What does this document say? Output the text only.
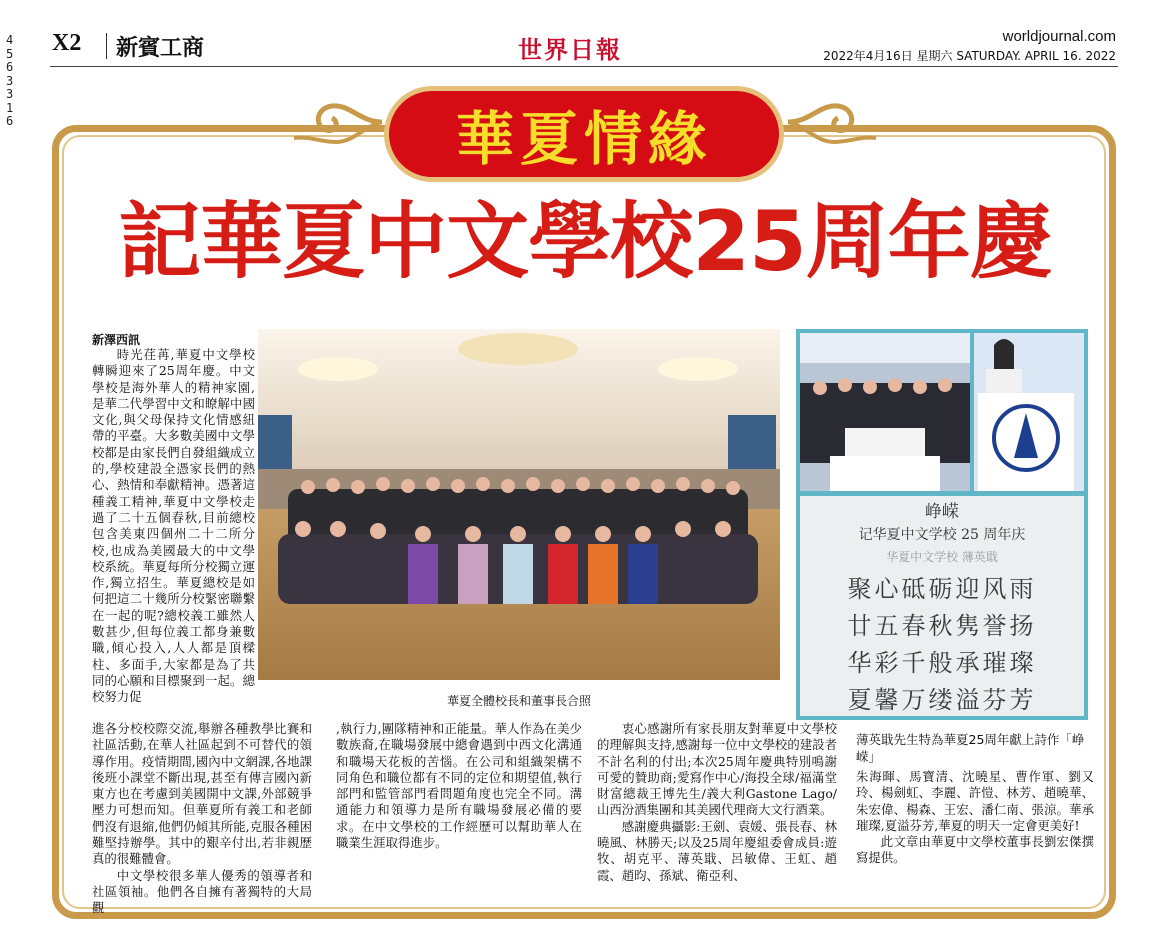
4563316
X2 新賓工商	世界日報	worldjournal.com
2022年4月16日 星期六 SATURDAY. APRIL 16. 2022
華夏情緣
記華夏中文學校25周年慶
新澤西訊

時光荏苒,華夏中文學校轉瞬迎來了25周年慶。中文學校是海外華人的精神家園,是華二代學習中文和瞭解中國文化,與父母保持文化情感紐帶的平臺。大多數美國中文學校都是由家長們自發組織成立的,學校建設全憑家長們的熱心、熱情和奉獻精神。憑著這種義工精神,華夏中文學校走過了二十五個春秋,目前總校包含美東四個州二十二所分校,也成為美國最大的中文學校系統。華夏每所分校獨立運作,獨立招生。華夏總校是如何把這二十幾所分校緊密聯繫在一起的呢?總校義工雖然人數甚少,但每位義工都身兼數職,傾心投入,人人都是頂樑柱、多面手,大家都是為了共同的心願和目標聚到一起。總校努力促

進各分校校際交流,舉辦各種教學比賽和社區活動,在華人社區起到不可替代的領導作用。疫情期間,國內中文網課,各地課後班小課堂不斷出現,甚至有傳言國內新東方也在考慮到美國開中文課,外部競爭壓力可想而知。但華夏所有義工和老師們沒有退縮,他們仍傾其所能,克服各種困難堅持辦學。其中的艱辛付出,若非親歷真的很難體會。

中文學校很多華人優秀的領導者和社區領袖。他們各自擁有著獨特的大局觀

,執行力,團隊精神和正能量。華人作為在美少數族裔,在職場發展中總會遇到中西文化溝通和職場天花板的苦惱。在公司和組織架構不同角色和職位都有不同的定位和期望值,執行部門和監管部門看問題角度也完全不同。溝通能力和領導力是所有職場發展必備的要求。在中文學校的工作經歷可以幫助華人在職業生涯取得進步。

衷心感謝所有家長朋友對華夏中文學校的理解與支持,感謝每一位中文學校的建設者不計名利的付出;本次25周年慶典特別鳴謝可愛的贊助商;愛寫作中心/海投全球/福滿堂財富總裁王博先生/義大利Gastone Lago/山西汾酒集團和其美國代理商大文行酒業。

感謝慶典攝影:王劍、袁媛、張長春、林曉風、林勝天;以及25周年慶組委會成員:遊牧、胡克平、薄英戢、呂敏偉、王虹、趙霞、趙昀、孫斌、衛亞利、

朱海暉、馬寶清、沈曉星、曹作軍、劉又玲、楊劍虹、李麗、許愷、林芳、趙曉華、朱宏偉、楊森、王宏、潘仁南、張涼。華承璀璨,夏溢芬芳,華夏的明天一定會更美好!

此文章由華夏中文學校董事長劉宏傑撰寫提供。

華夏全體校長和董事長合照
峥嵘
记华夏中文学校 25 周年庆
华夏中文学校 薄英戢
聚心砥砺迎风雨
廿五春秋隽誉扬
华彩千般承璀璨
夏馨万缕溢芬芳
薄英戢先生特為華夏25周年獻上詩作「峥嵘」
